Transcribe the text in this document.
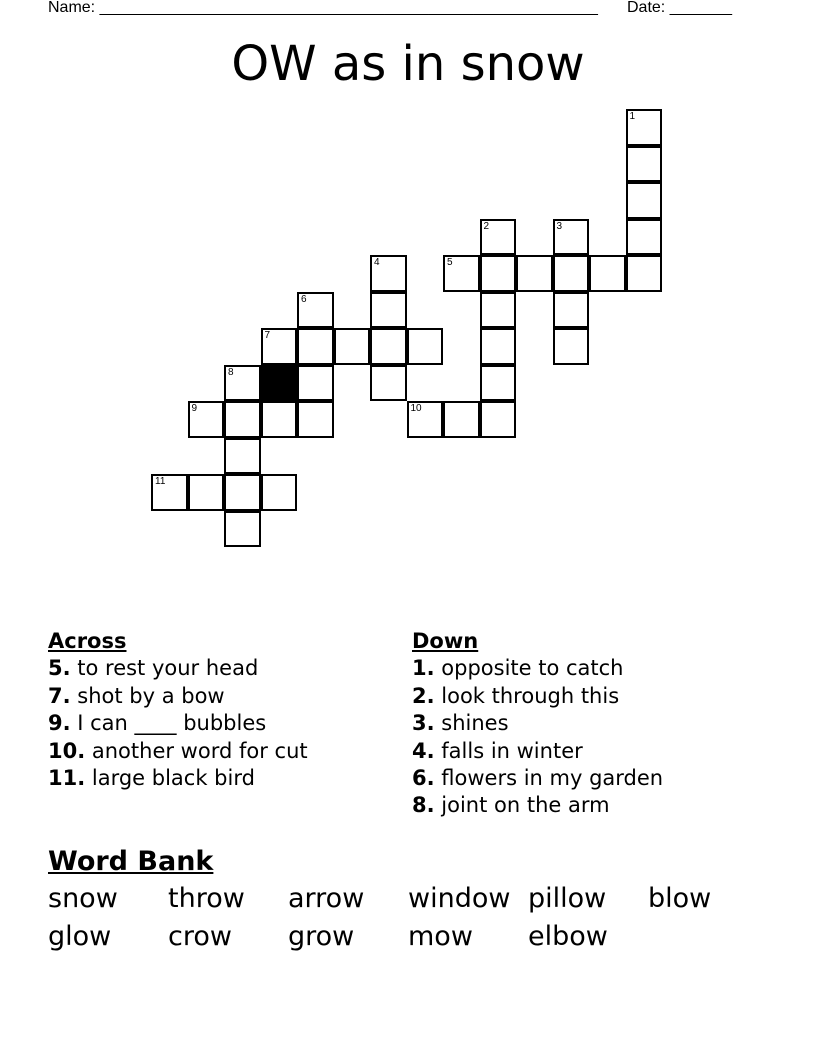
Name: ________________________________________________________ Date: _______
OW as in snow
1
2	3
4	5
6
7
8
9	10
11
Across
5. to rest your head
7. shot by a bow
9. I can ____ bubbles
10. another word for cut
11. large black bird
Down
1. opposite to catch
2. look through this
3. shines
4. falls in winter
6. flowers in my garden
8. joint on the arm
Word Bank
snow throw arrow window pillow blow
glow crow grow mow elbow
